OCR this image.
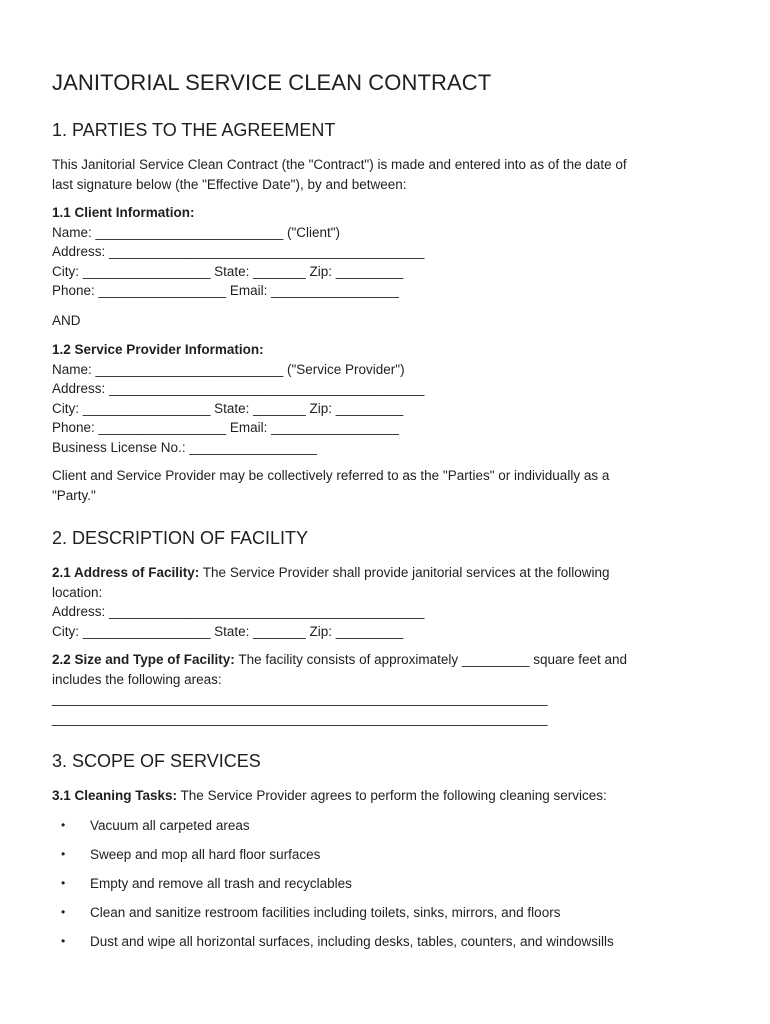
JANITORIAL SERVICE CLEAN CONTRACT
1. PARTIES TO THE AGREEMENT

This Janitorial Service Clean Contract (the "Contract") is made and entered into as of the date of
last signature below (the "Effective Date"), by and between:

1.1 Client Information:
Name: _________________________ ("Client")
Address: __________________________________________
City: _________________ State: _______ Zip: _________
Phone: _________________ Email: _________________

AND

1.2 Service Provider Information:
Name: _________________________ ("Service Provider")
Address: __________________________________________
City: _________________ State: _______ Zip: _________
Phone: _________________ Email: _________________
Business License No.: _________________

Client and Service Provider may be collectively referred to as the "Parties" or individually as a
"Party."

2. DESCRIPTION OF FACILITY
2.1 Address of Facility: The Service Provider shall provide janitorial services at the following
location:
Address: __________________________________________
City: _________________ State: _______ Zip: _________
2.2 Size and Type of Facility: The facility consists of approximately _________ square feet and
includes the following areas:
__________________________________________________________________
__________________________________________________________________
3. SCOPE OF SERVICES

3.1 Cleaning Tasks: The Service Provider agrees to perform the following cleaning services:

• Vacuum all carpeted areas
• Sweep and mop all hard floor surfaces
• Empty and remove all trash and recyclables
• Clean and sanitize restroom facilities including toilets, sinks, mirrors, and floors
• Dust and wipe all horizontal surfaces, including desks, tables, counters, and windowsills
